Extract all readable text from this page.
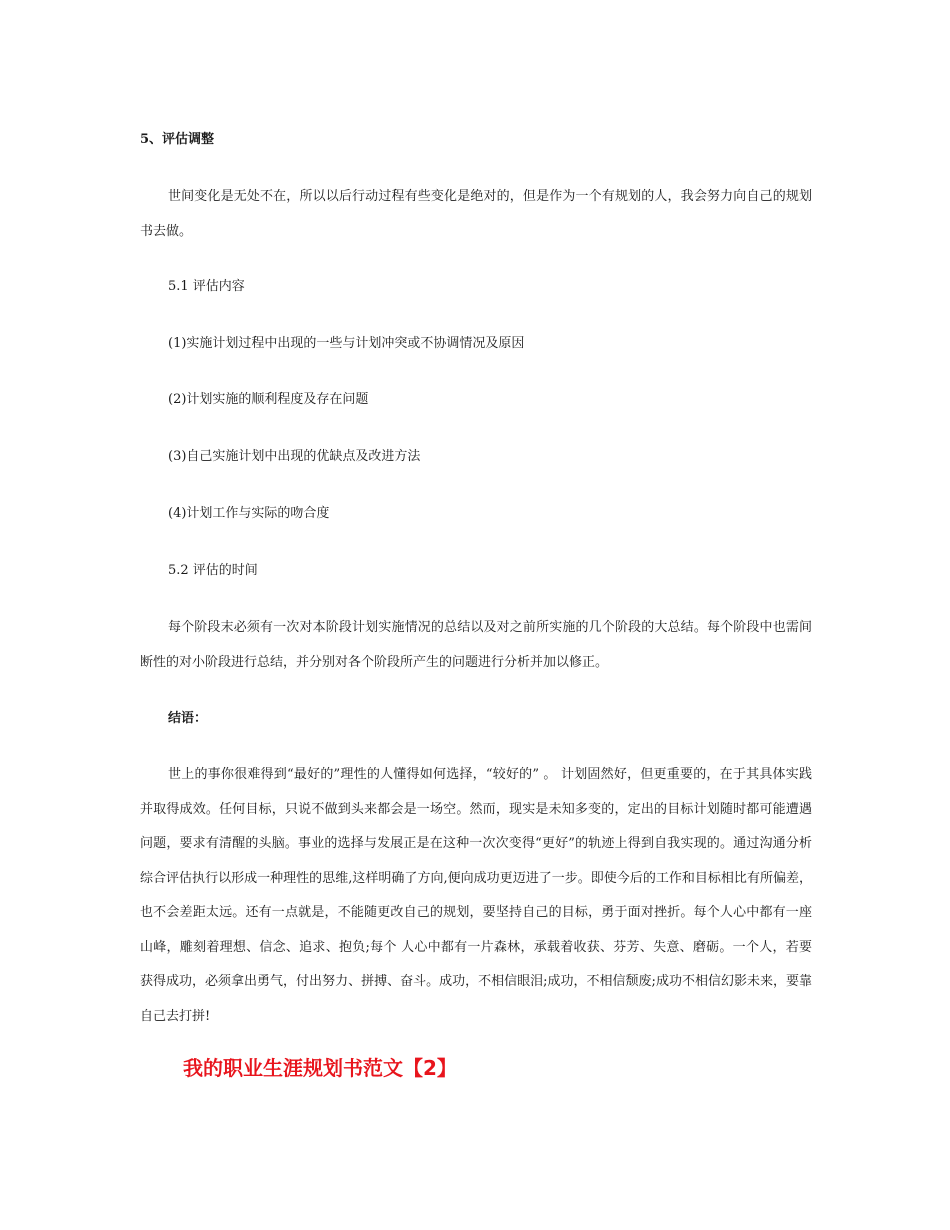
5、评估调整

世间变化是无处不在，所以以后行动过程有些变化是绝对的，但是作为一个有规划的人，我会努力向自己的规划书去做。

5.1 评估内容

(1)实施计划过程中出现的一些与计划冲突或不协调情况及原因

(2)计划实施的顺利程度及存在问题

(3)自己实施计划中出现的优缺点及改进方法

(4)计划工作与实际的吻合度

5.2 评估的时间

每个阶段末必须有一次对本阶段计划实施情况的总结以及对之前所实施的几个阶段的大总结。每个阶段中也需间断性的对小阶段进行总结，并分别对各个阶段所产生的问题进行分析并加以修正。

结语：

世上的事你很难得到“最好的”理性的人懂得如何选择，“较好的” 。 计划固然好，但更重要的，在于其具体实践并取得成效。任何目标，只说不做到头来都会是一场空。然而，现实是未知多变的，定出的目标计划随时都可能遭遇问题，要求有清醒的头脑。事业的选择与发展正是在这种一次次变得“更好”的轨迹上得到自我实现的。通过沟通分析综合评估执行以形成一种理性的思维,这样明确了方向,便向成功更迈进了一步。即使今后的工作和目标相比有所偏差，也不会差距太远。还有一点就是，不能随更改自己的规划，要坚持自己的目标，勇于面对挫折。每个人心中都有一座山峰，雕刻着理想、信念、追求、抱负;每个 人心中都有一片森林，承载着收获、芬芳、失意、磨砺。一个人，若要 获得成功，必须拿出勇气，付出努力、拼搏、奋斗。成功，不相信眼泪;成功，不相信颓废;成功不相信幻影未来，要靠自己去打拼!

我的职业生涯规划书范文【2】
